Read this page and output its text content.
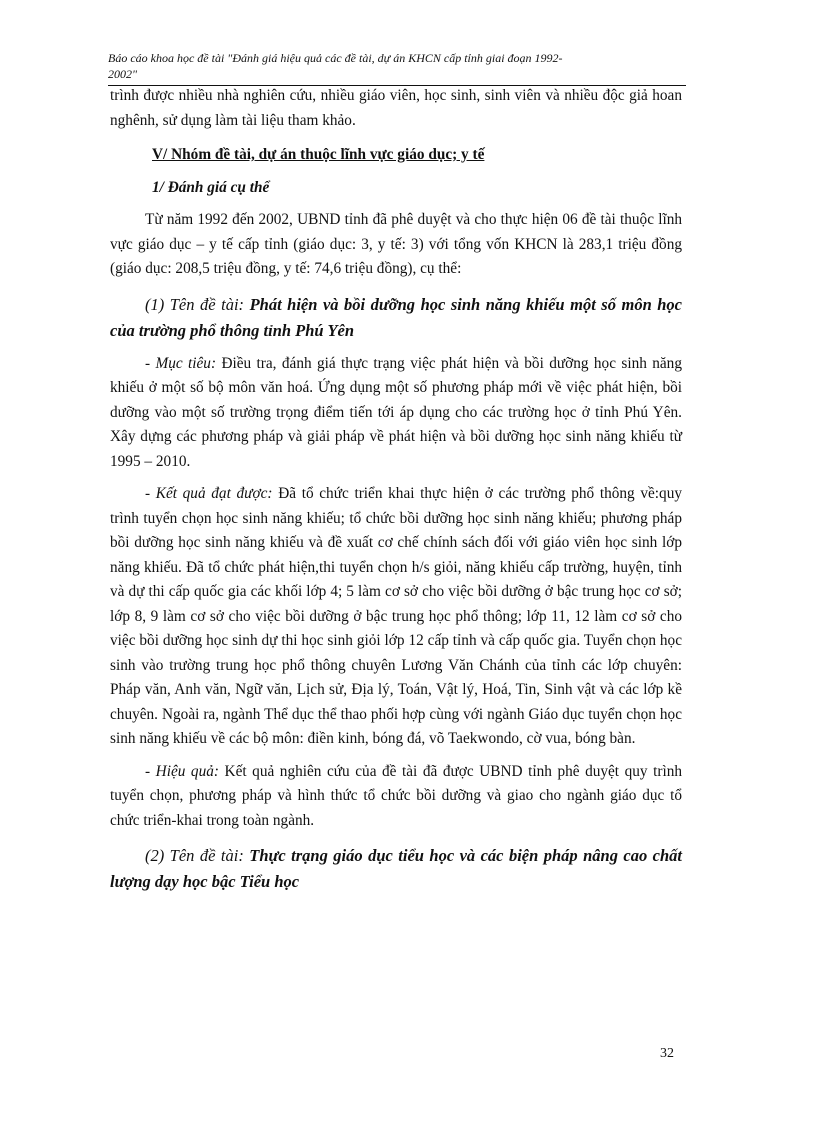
Báo cáo khoa học đề tài "Đánh giá hiệu quả các đề tài, dự án KHCN cấp tỉnh giai đoạn 1992-
2002"

trình được nhiều nhà nghiên cứu, nhiều giáo viên, học sinh, sinh viên và nhiều độc giả hoan nghênh, sử dụng làm tài liệu tham khảo.

V/ Nhóm đề tài, dự án thuộc lĩnh vực giáo dục; y tế

1/ Đánh giá cụ thể

Từ năm 1992 đến 2002, UBND tỉnh đã phê duyệt và cho thực hiện 06 đề tài thuộc lĩnh vực giáo dục – y tế cấp tỉnh (giáo dục: 3, y tế: 3) với tổng vốn KHCN là 283,1 triệu đồng (giáo dục: 208,5 triệu đồng, y tế: 74,6 triệu đồng), cụ thể:

(1) Tên đề tài: Phát hiện và bồi dưỡng học sinh năng khiếu một số môn học của trường phổ thông tỉnh Phú Yên

- Mục tiêu: Điều tra, đánh giá thực trạng việc phát hiện và bồi dưỡng học sinh năng khiếu ở một số bộ môn văn hoá. Ứng dụng một số phương pháp mới về việc phát hiện, bồi dưỡng vào một số trường trọng điểm tiến tới áp dụng cho các trường học ở tỉnh Phú Yên. Xây dựng các phương pháp và giải pháp về phát hiện và bồi dưỡng học sinh năng khiếu từ 1995 – 2010.

- Kết quả đạt được: Đã tổ chức triển khai thực hiện ở các trường phổ thông về:quy trình tuyển chọn học sinh năng khiếu; tổ chức bồi dưỡng học sinh năng khiếu; phương pháp bồi dưỡng học sinh năng khiếu và đề xuất cơ chế chính sách đối với giáo viên học sinh lớp năng khiếu. Đã tổ chức phát hiện,thi tuyển chọn h/s giỏi, năng khiếu cấp trường, huyện, tỉnh và dự thi cấp quốc gia các khối lớp 4; 5 làm cơ sở cho việc bồi dưỡng ở bậc trung học cơ sở; lớp 8, 9 làm cơ sở cho việc bồi dưỡng ở bậc trung học phổ thông; lớp 11, 12 làm cơ sở cho việc bồi dưỡng học sinh dự thi học sinh giỏi lớp 12 cấp tỉnh và cấp quốc gia. Tuyển chọn học sinh vào trường trung học phổ thông chuyên Lương Văn Chánh của tỉnh các lớp chuyên: Pháp văn, Anh văn, Ngữ văn, Lịch sử, Địa lý, Toán, Vật lý, Hoá, Tin, Sinh vật và các lớp kề chuyên. Ngoài ra, ngành Thể dục thể thao phối hợp cùng với ngành Giáo dục tuyển chọn học sinh năng khiếu về các bộ môn: điền kinh, bóng đá, võ Taekwondo, cờ vua, bóng bàn.

- Hiệu quả: Kết quả nghiên cứu của đề tài đã được UBND tỉnh phê duyệt quy trình tuyển chọn, phương pháp và hình thức tổ chức bồi dưỡng và giao cho ngành giáo dục tổ chức triển-khai trong toàn ngành.

(2) Tên đề tài: Thực trạng giáo dục tiểu học và các biện pháp nâng cao chất lượng dạy học bậc Tiểu học

32
